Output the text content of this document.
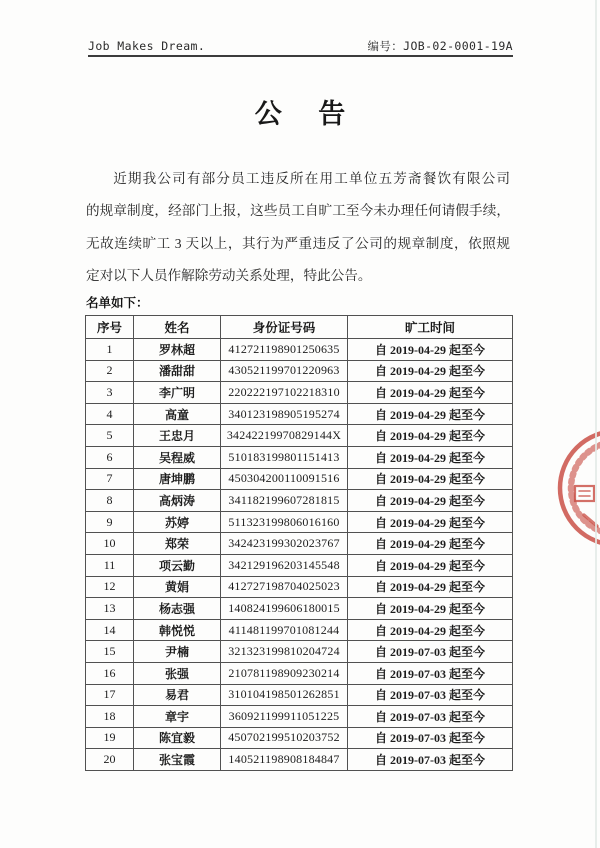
Job Makes Dream.	编号：JOB-02-0001-19A
公 告
近期我公司有部分员工违反所在用工单位五芳斋餐饮有限公司
的规章制度，经部门上报，这些员工自旷工至今未办理任何请假手续，
无故连续旷工 3 天以上，其行为严重违反了公司的规章制度，依照规
定对以下人员作解除劳动关系处理，特此公告。
名单如下：
序号	姓名	身份证号码	旷工时间
1	罗林超	412721198901250635	自 2019-04-29 起至今
2	潘甜甜	430521199701220963	自 2019-04-29 起至今
3	李广明	220222197102218310	自 2019-04-29 起至今
4	高童	340123198905195274	自 2019-04-29 起至今
5	王忠月	34242219970829144X	自 2019-04-29 起至今
6	吴程威	510183199801151413	自 2019-04-29 起至今
7	唐坤鹏	450304200110091516	自 2019-04-29 起至今
8	高炳涛	341182199607281815	自 2019-04-29 起至今
9	苏婷	511323199806016160	自 2019-04-29 起至今
10	郑荣	342423199302023767	自 2019-04-29 起至今
11	项云勤	342129196203145548	自 2019-04-29 起至今
12	黄娟	412727198704025023	自 2019-04-29 起至今
13	杨志强	140824199606180015	自 2019-04-29 起至今
14	韩悦悦	411481199701081244	自 2019-04-29 起至今
15	尹楠	321323199810204724	自 2019-07-03 起至今
16	张强	210781198909230214	自 2019-07-03 起至今
17	易君	310104198501262851	自 2019-07-03 起至今
18	章宇	360921199911051225	自 2019-07-03 起至今
19	陈宜毅	450702199510203752	自 2019-07-03 起至今
20	张宝霞	140521198908184847	自 2019-07-03 起至今
